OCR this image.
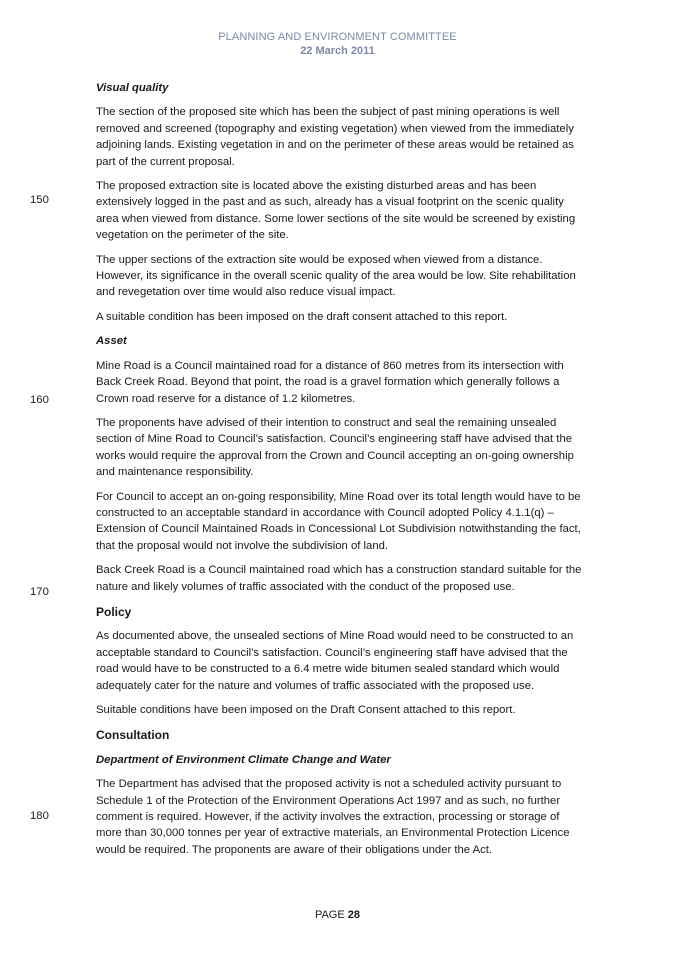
PLANNING AND ENVIRONMENT COMMITTEE
22 March 2011
150
160
170
180

Visual quality

The section of the proposed site which has been the subject of past mining operations is well removed and screened (topography and existing vegetation) when viewed from the immediately adjoining lands. Existing vegetation in and on the perimeter of these areas would be retained as part of the current proposal.

The proposed extraction site is located above the existing disturbed areas and has been extensively logged in the past and as such, already has a visual footprint on the scenic quality area when viewed from distance. Some lower sections of the site would be screened by existing vegetation on the perimeter of the site.

The upper sections of the extraction site would be exposed when viewed from a distance. However, its significance in the overall scenic quality of the area would be low. Site rehabilitation and revegetation over time would also reduce visual impact.

A suitable condition has been imposed on the draft consent attached to this report.

Asset

Mine Road is a Council maintained road for a distance of 860 metres from its intersection with Back Creek Road. Beyond that point, the road is a gravel formation which generally follows a Crown road reserve for a distance of 1.2 kilometres.

The proponents have advised of their intention to construct and seal the remaining unsealed section of Mine Road to Council’s satisfaction. Council’s engineering staff have advised that the works would require the approval from the Crown and Council accepting an on-going ownership and maintenance responsibility.

For Council to accept an on-going responsibility, Mine Road over its total length would have to be constructed to an acceptable standard in accordance with Council adopted Policy 4.1.1(q) – Extension of Council Maintained Roads in Concessional Lot Subdivision notwithstanding the fact, that the proposal would not involve the subdivision of land.

Back Creek Road is a Council maintained road which has a construction standard suitable for the nature and likely volumes of traffic associated with the conduct of the proposed use.

Policy

As documented above, the unsealed sections of Mine Road would need to be constructed to an acceptable standard to Council’s satisfaction. Council’s engineering staff have advised that the road would have to be constructed to a 6.4 metre wide bitumen sealed standard which would adequately cater for the nature and volumes of traffic associated with the proposed use.

Suitable conditions have been imposed on the Draft Consent attached to this report.

Consultation

Department of Environment Climate Change and Water

The Department has advised that the proposed activity is not a scheduled activity pursuant to Schedule 1 of the Protection of the Environment Operations Act 1997 and as such, no further comment is required. However, if the activity involves the extraction, processing or storage of more than 30,000 tonnes per year of extractive materials, an Environmental Protection Licence would be required. The proponents are aware of their obligations under the Act.

PAGE 28
